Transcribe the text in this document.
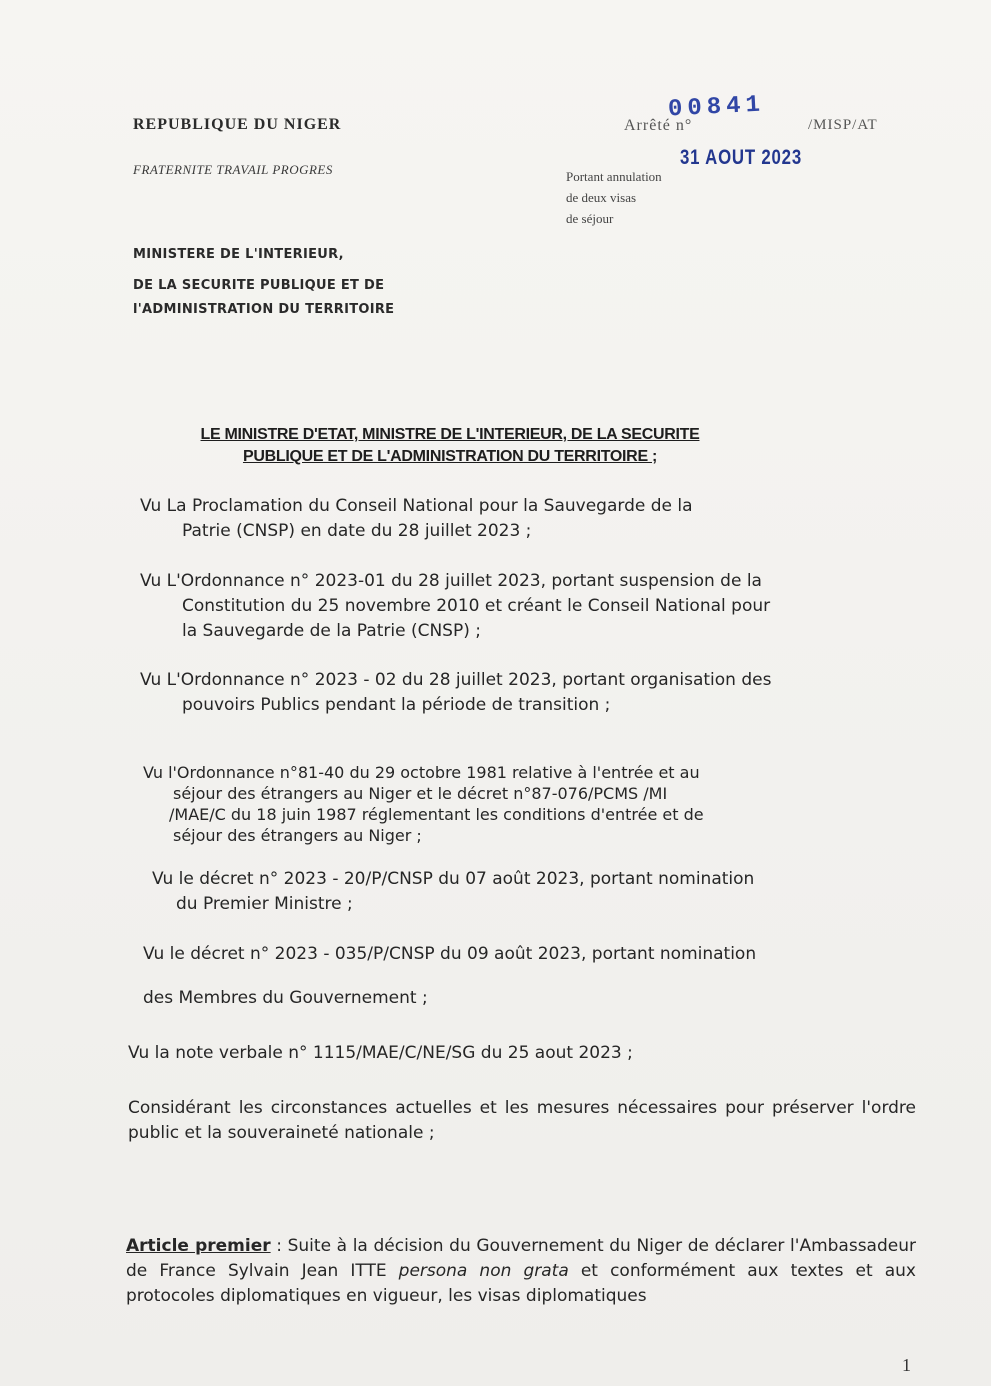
REPUBLIQUE DU NIGER
FRATERNITE TRAVAIL PROGRES
MINISTERE DE L'INTERIEUR,
DE LA SECURITE PUBLIQUE ET DE
l'ADMINISTRATION DU TERRITOIRE
Arrêté n°
00841
/MISP/AT
31 AOUT 2023
Portant annulation
de deux visas
de séjour
LE MINISTRE D'ETAT, MINISTRE DE L'INTERIEUR, DE LA SECURITE
PUBLIQUE ET DE L'ADMINISTRATION DU TERRITOIRE ;
Vu La Proclamation du Conseil National pour la Sauvegarde de la
Patrie (CNSP) en date du 28 juillet 2023 ;
Vu L'Ordonnance n° 2023-01 du 28 juillet 2023, portant suspension de la
Constitution du 25 novembre 2010 et créant le Conseil National pour
la Sauvegarde de la Patrie (CNSP) ;
Vu L'Ordonnance n° 2023 - 02 du 28 juillet 2023, portant organisation des
pouvoirs Publics pendant la période de transition ;
Vu l'Ordonnance n°81-40 du 29 octobre 1981 relative à l'entrée et au
séjour des étrangers au Niger et le décret n°87-076/PCMS /MI
/MAE/C du 18 juin 1987 réglementant les conditions d'entrée et de
séjour des étrangers au Niger ;
Vu le décret n° 2023 - 20/P/CNSP du 07 août 2023, portant nomination
du Premier Ministre ;
Vu le décret n° 2023 - 035/P/CNSP du 09 août 2023, portant nomination
des Membres du Gouvernement ;
Vu la note verbale n° 1115/MAE/C/NE/SG du 25 aout 2023 ;
Considérant les circonstances actuelles et les mesures nécessaires pour préserver l'ordre public et la souveraineté nationale ;
Article premier : Suite à la décision du Gouvernement du Niger de déclarer l'Ambassadeur de France Sylvain Jean ITTE persona non grata et conformément aux textes et aux protocoles diplomatiques en vigueur, les visas diplomatiques
1
